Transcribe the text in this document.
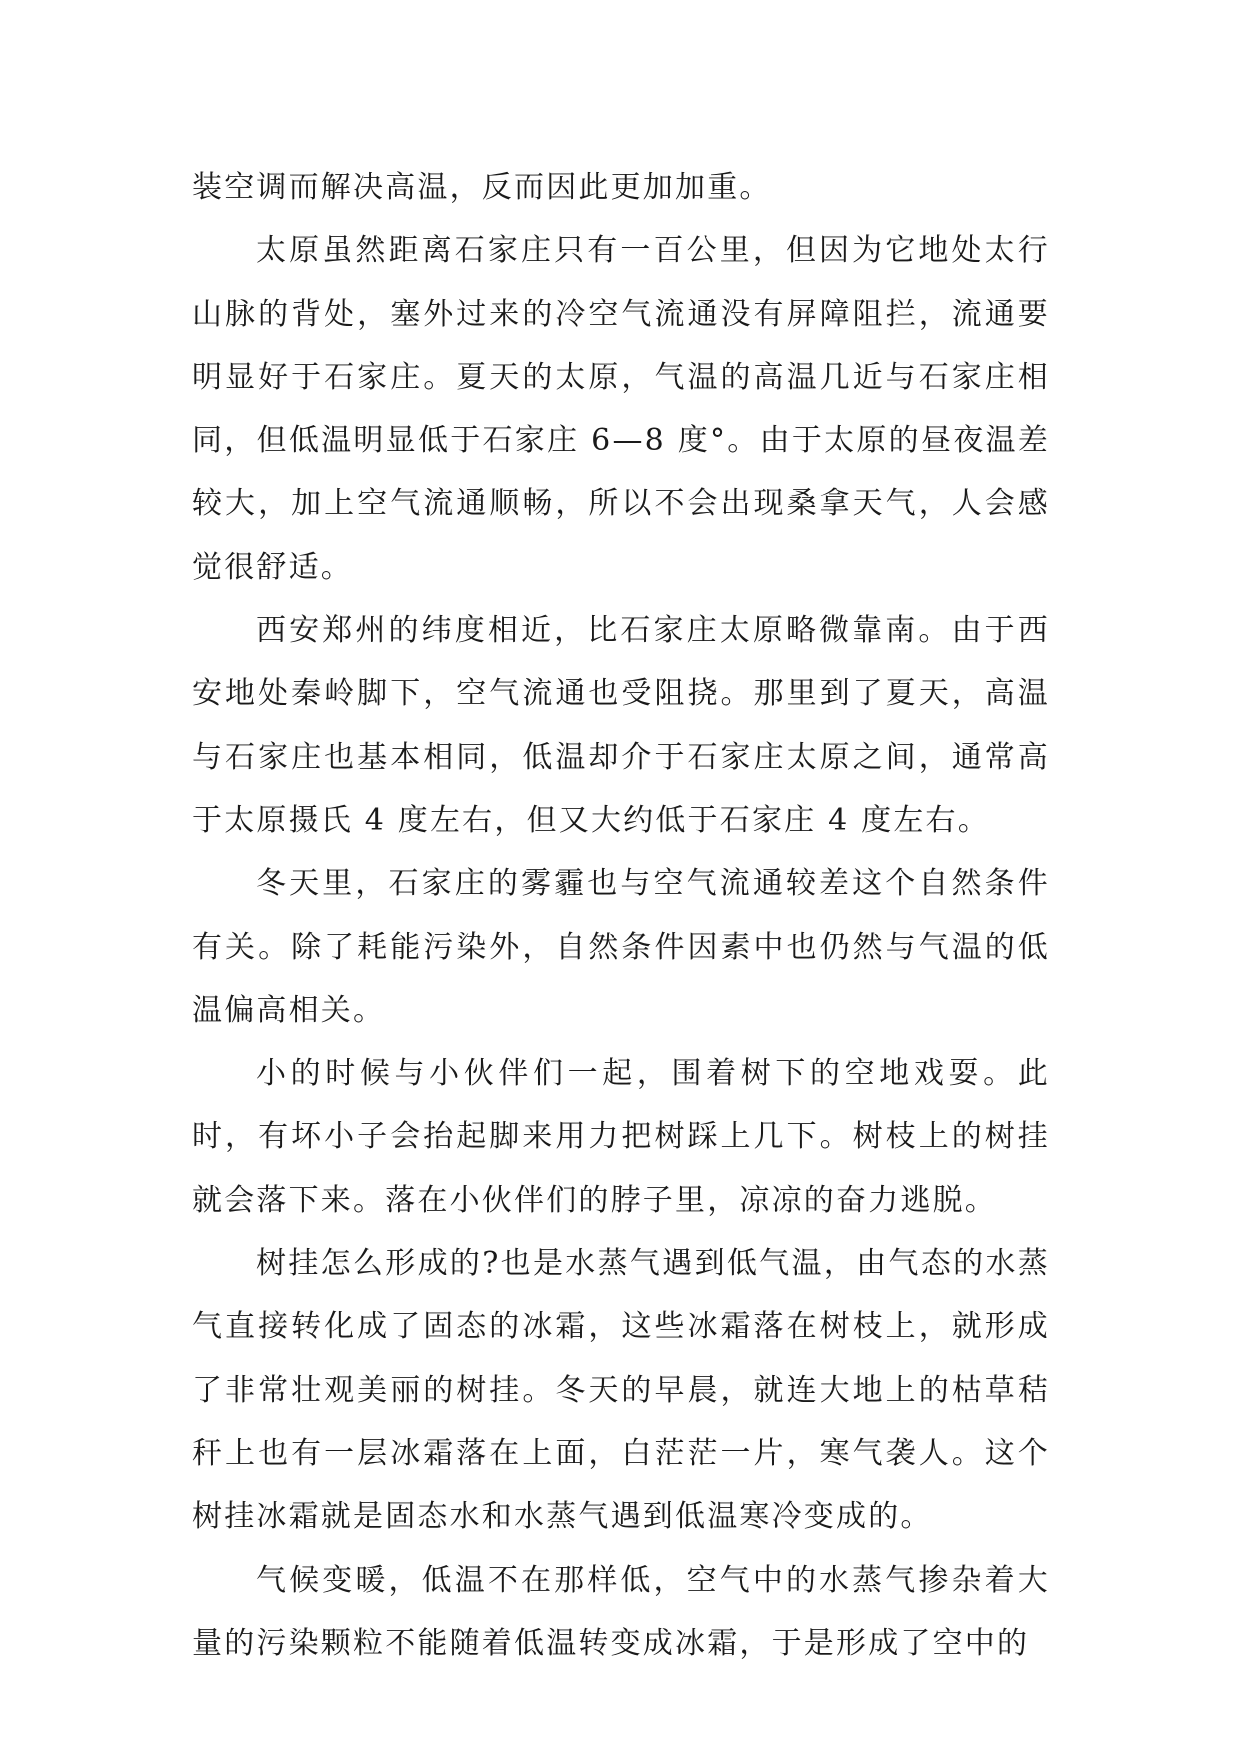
装空调而解决高温，反而因此更加加重。

太原虽然距离石家庄只有一百公里，但因为它地处太行山脉的背处，塞外过来的冷空气流通没有屏障阻拦，流通要明显好于石家庄。夏天的太原，气温的高温几近与石家庄相同，但低温明显低于石家庄 6—8 度°。由于太原的昼夜温差较大，加上空气流通顺畅，所以不会出现桑拿天气，人会感觉很舒适。

西安郑州的纬度相近，比石家庄太原略微靠南。由于西安地处秦岭脚下，空气流通也受阻挠。那里到了夏天，高温与石家庄也基本相同，低温却介于石家庄太原之间，通常高于太原摄氏 4 度左右，但又大约低于石家庄 4 度左右。

冬天里，石家庄的雾霾也与空气流通较差这个自然条件有关。除了耗能污染外，自然条件因素中也仍然与气温的低温偏高相关。

小的时候与小伙伴们一起，围着树下的空地戏耍。此时，有坏小子会抬起脚来用力把树踩上几下。树枝上的树挂就会落下来。落在小伙伴们的脖子里，凉凉的奋力逃脱。

树挂怎么形成的?也是水蒸气遇到低气温，由气态的水蒸气直接转化成了固态的冰霜，这些冰霜落在树枝上，就形成了非常壮观美丽的树挂。冬天的早晨，就连大地上的枯草秸秆上也有一层冰霜落在上面，白茫茫一片，寒气袭人。这个树挂冰霜就是固态水和水蒸气遇到低温寒冷变成的。

气候变暖，低温不在那样低，空气中的水蒸气掺杂着大量的污染颗粒不能随着低温转变成冰霜，于是形成了空中的
